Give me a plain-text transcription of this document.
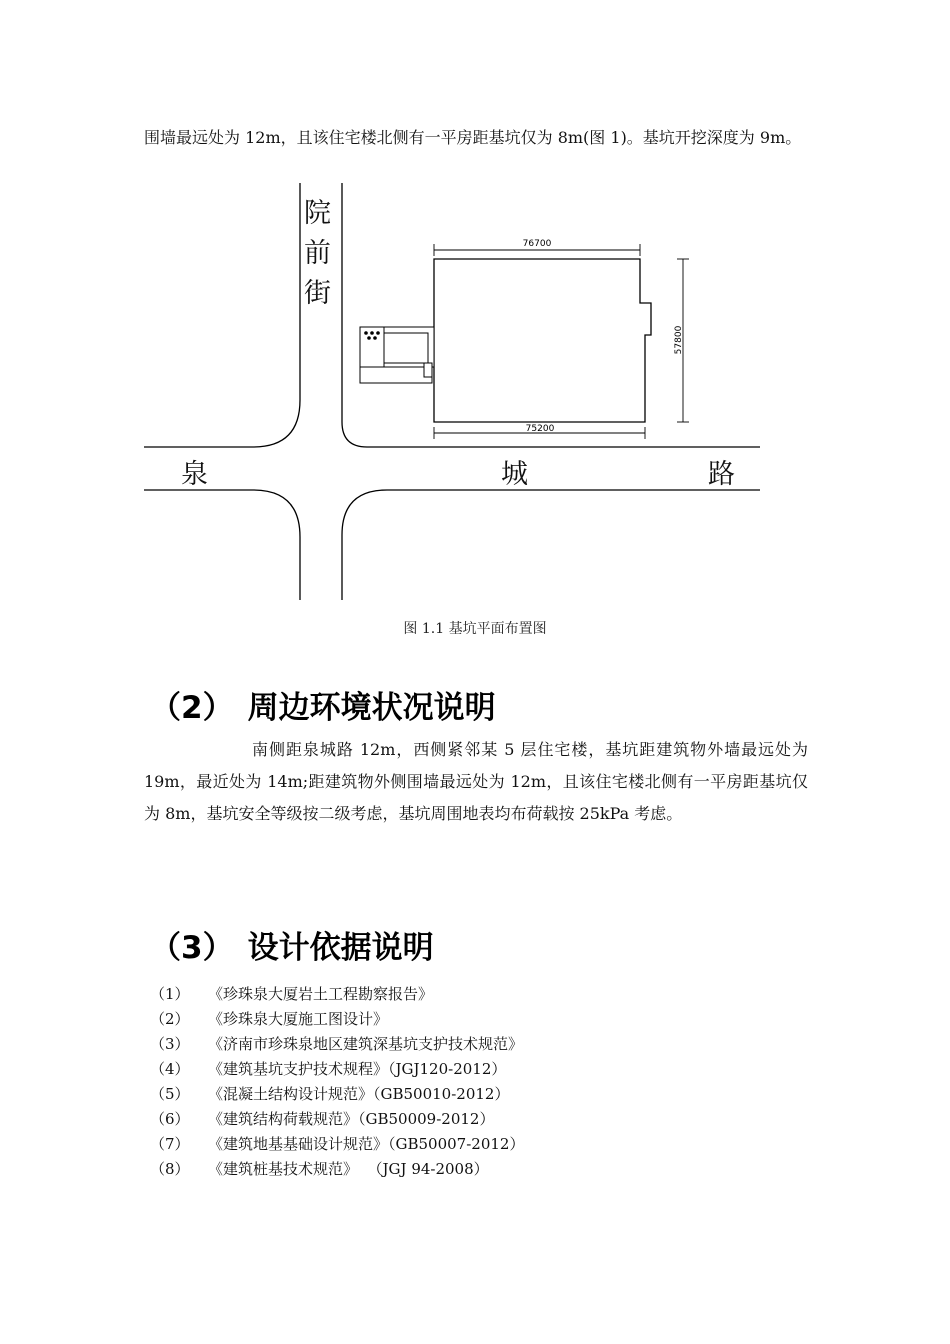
围墙最远处为 12m，且该住宅楼北侧有一平房距基坑仅为 8m(图 1)。基坑开挖深度为 9m。

院
前
街
泉	城	路
76700
75200
57800
图 1.1 基坑平面布置图
（2） 周边环境状况说明

南侧距泉城路 12m，西侧紧邻某 5 层住宅楼，基坑距建筑物外墙最远处为 19m，最近处为 14m;距建筑物外侧围墙最远处为 12m，且该住宅楼北侧有一平房距基坑仅为 8m，基坑安全等级按二级考虑，基坑周围地表均布荷载按 25kPa 考虑。

（3） 设计依据说明
（1） 《珍珠泉大厦岩土工程勘察报告》
（2） 《珍珠泉大厦施工图设计》
（3） 《济南市珍珠泉地区建筑深基坑支护技术规范》
（4） 《建筑基坑支护技术规程》（JGJ120-2012）
（5） 《混凝土结构设计规范》（GB50010-2012）
（6） 《建筑结构荷载规范》（GB50009-2012）
（7） 《建筑地基基础设计规范》（GB50007-2012）
（8） 《建筑桩基技术规范》  （JGJ 94-2008）
